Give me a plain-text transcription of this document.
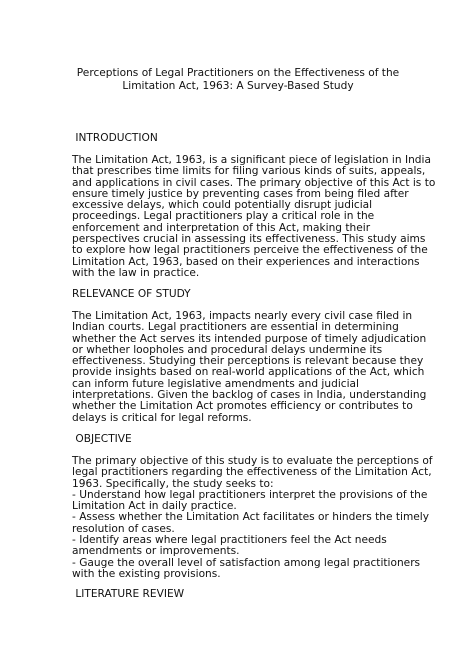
Perceptions of Legal Practitioners on the Effectiveness of the
Limitation Act, 1963: A Survey-Based Study
INTRODUCTION
The Limitation Act, 1963, is a significant piece of legislation in India
that prescribes time limits for filing various kinds of suits, appeals,
and applications in civil cases. The primary objective of this Act is to
ensure timely justice by preventing cases from being filed after
excessive delays, which could potentially disrupt judicial
proceedings. Legal practitioners play a critical role in the
enforcement and interpretation of this Act, making their
perspectives crucial in assessing its effectiveness. This study aims
to explore how legal practitioners perceive the effectiveness of the
Limitation Act, 1963, based on their experiences and interactions
with the law in practice.
RELEVANCE OF STUDY
The Limitation Act, 1963, impacts nearly every civil case filed in
Indian courts. Legal practitioners are essential in determining
whether the Act serves its intended purpose of timely adjudication
or whether loopholes and procedural delays undermine its
effectiveness. Studying their perceptions is relevant because they
provide insights based on real-world applications of the Act, which
can inform future legislative amendments and judicial
interpretations. Given the backlog of cases in India, understanding
whether the Limitation Act promotes efficiency or contributes to
delays is critical for legal reforms.
OBJECTIVE
The primary objective of this study is to evaluate the perceptions of
legal practitioners regarding the effectiveness of the Limitation Act,
1963. Specifically, the study seeks to:
- Understand how legal practitioners interpret the provisions of the
Limitation Act in daily practice.
- Assess whether the Limitation Act facilitates or hinders the timely
resolution of cases.
- Identify areas where legal practitioners feel the Act needs
amendments or improvements.
- Gauge the overall level of satisfaction among legal practitioners
with the existing provisions.
LITERATURE REVIEW
